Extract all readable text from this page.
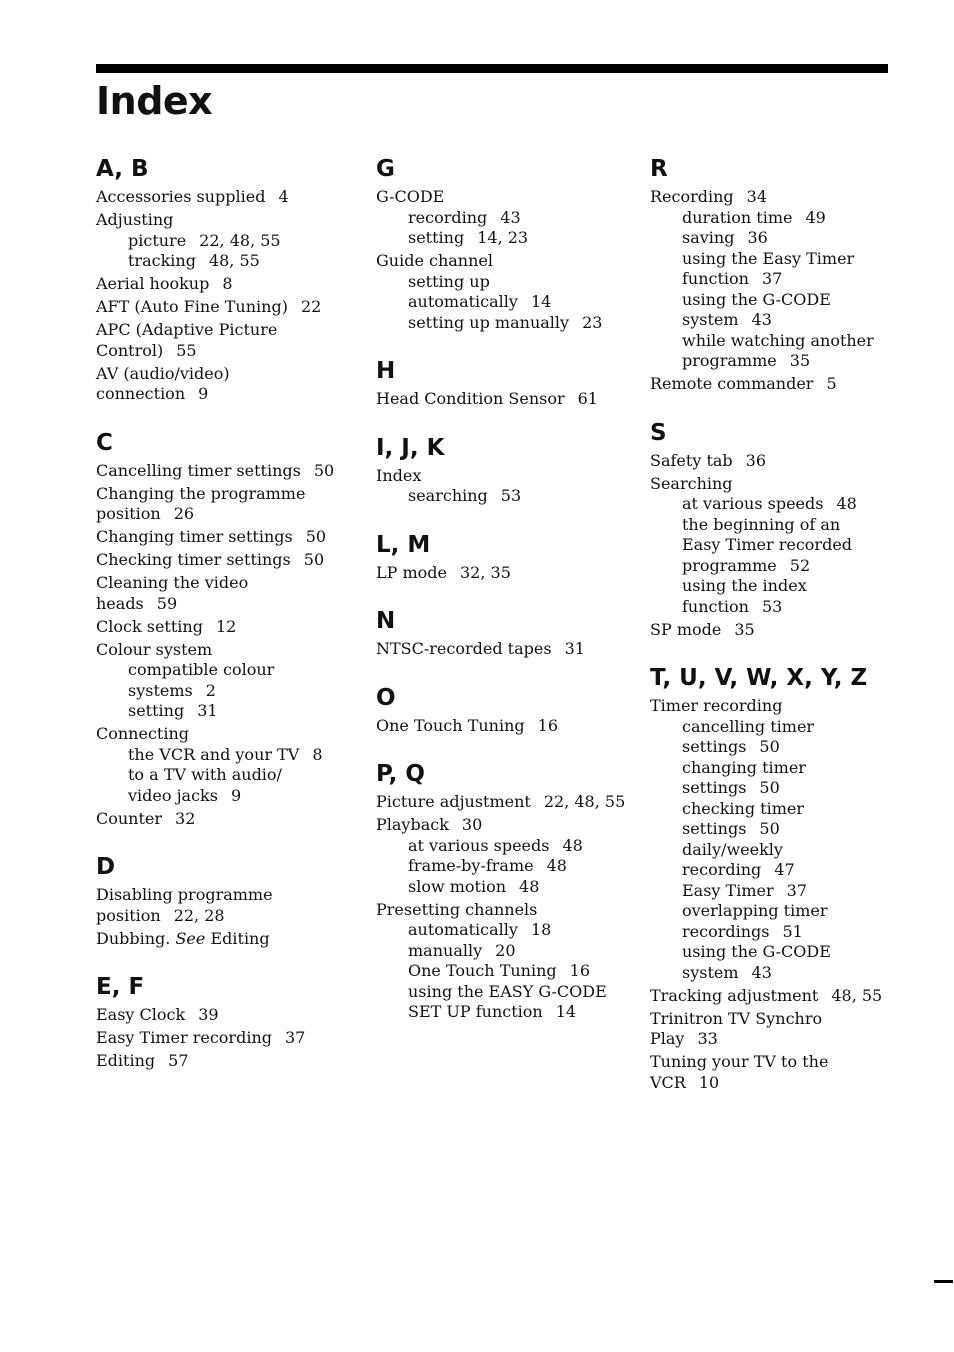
Index
A, B
Accessories supplied 4
Adjusting
picture 22, 48, 55
tracking 48, 55
Aerial hookup 8
AFT (Auto Fine Tuning) 22
APC (Adaptive Picture
Control) 55
AV (audio/video)
connection 9
C
Cancelling timer settings 50
Changing the programme
position 26
Changing timer settings 50
Checking timer settings 50
Cleaning the video
heads 59
Clock setting 12
Colour system
compatible colour
systems 2
setting 31
Connecting
the VCR and your TV 8
to a TV with audio/
video jacks 9
Counter 32
D
Disabling programme
position 22, 28
Dubbing. See Editing
E, F
Easy Clock 39
Easy Timer recording 37
Editing 57
G
G-CODE
recording 43
setting 14, 23
Guide channel
setting up
automatically 14
setting up manually 23
H
Head Condition Sensor 61
I, J, K
Index
searching 53
L, M
LP mode 32, 35
N
NTSC-recorded tapes 31
O
One Touch Tuning 16
P, Q
Picture adjustment 22, 48, 55
Playback 30
at various speeds 48
frame-by-frame 48
slow motion 48
Presetting channels
automatically 18
manually 20
One Touch Tuning 16
using the EASY G-CODE
SET UP function 14
R
Recording 34
duration time 49
saving 36
using the Easy Timer
function 37
using the G-CODE
system 43
while watching another
programme 35
Remote commander 5
S
Safety tab 36
Searching
at various speeds 48
the beginning of an
Easy Timer recorded
programme 52
using the index
function 53
SP mode 35
T, U, V, W, X, Y, Z
Timer recording
cancelling timer
settings 50
changing timer
settings 50
checking timer
settings 50
daily/weekly
recording 47
Easy Timer 37
overlapping timer
recordings 51
using the G-CODE
system 43
Tracking adjustment 48, 55
Trinitron TV Synchro
Play 33
Tuning your TV to the
VCR 10
